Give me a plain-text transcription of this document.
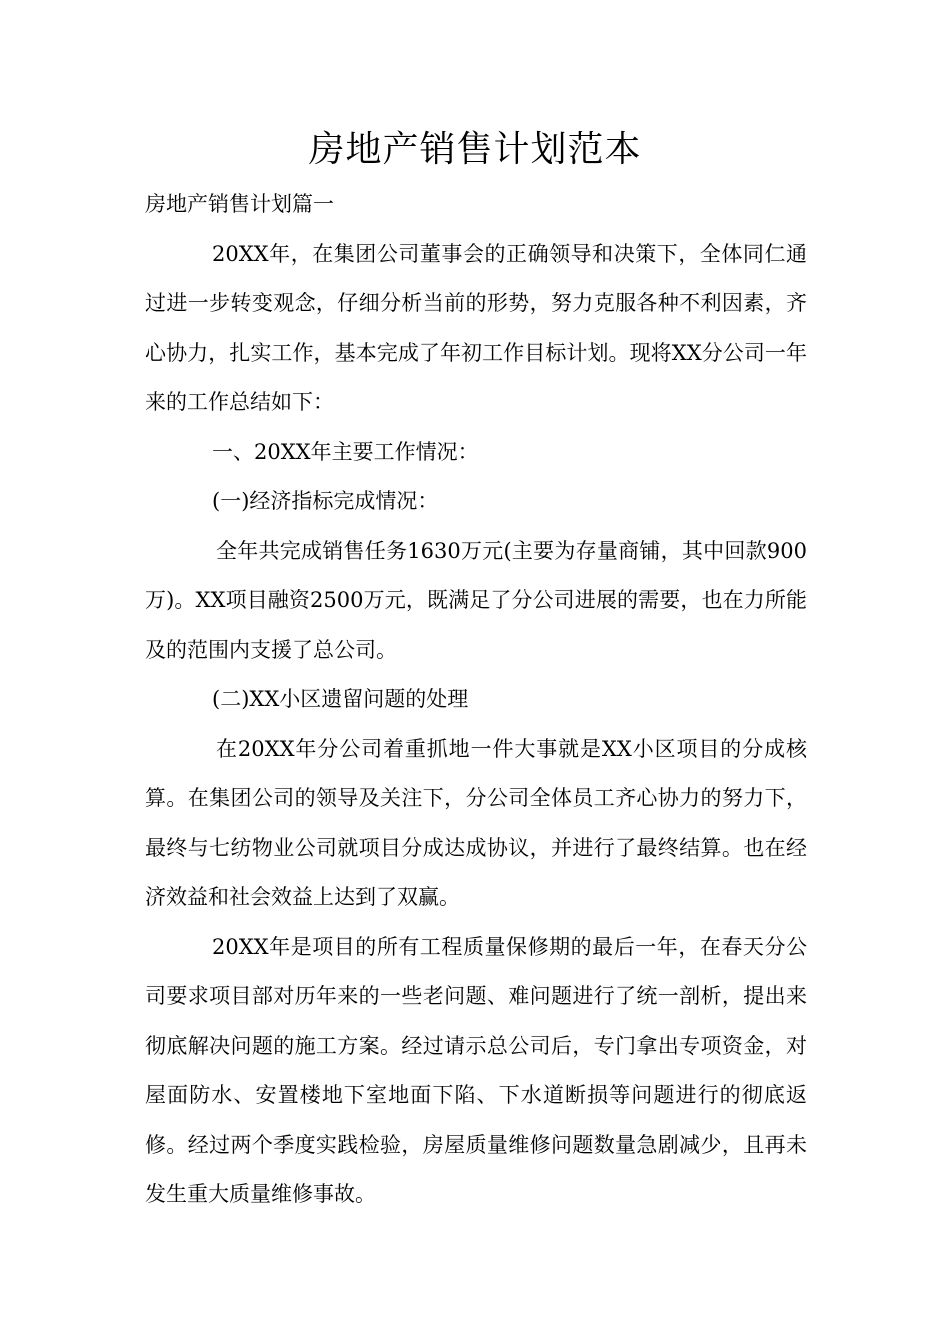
房地产销售计划范本

房地产销售计划篇一

20XX年，在集团公司董事会的正确领导和决策下，全体同仁通过进一步转变观念，仔细分析当前的形势，努力克服各种不利因素，齐心协力，扎实工作，基本完成了年初工作目标计划。现将XX分公司一年来的工作总结如下：

一、20XX年主要工作情况：

(一)经济指标完成情况：

全年共完成销售任务1630万元(主要为存量商铺，其中回款900万)。XX项目融资2500万元，既满足了分公司进展的需要，也在力所能及的范围内支援了总公司。

(二)XX小区遗留问题的处理

在20XX年分公司着重抓地一件大事就是XX小区项目的分成核算。在集团公司的领导及关注下，分公司全体员工齐心协力的努力下，最终与七纺物业公司就项目分成达成协议，并进行了最终结算。也在经济效益和社会效益上达到了双赢。

20XX年是项目的所有工程质量保修期的最后一年，在春天分公司要求项目部对历年来的一些老问题、难问题进行了统一剖析，提出来彻底解决问题的施工方案。经过请示总公司后，专门拿出专项资金，对屋面防水、安置楼地下室地面下陷、下水道断损等问题进行的彻底返修。经过两个季度实践检验，房屋质量维修问题数量急剧减少，且再未发生重大质量维修事故。
